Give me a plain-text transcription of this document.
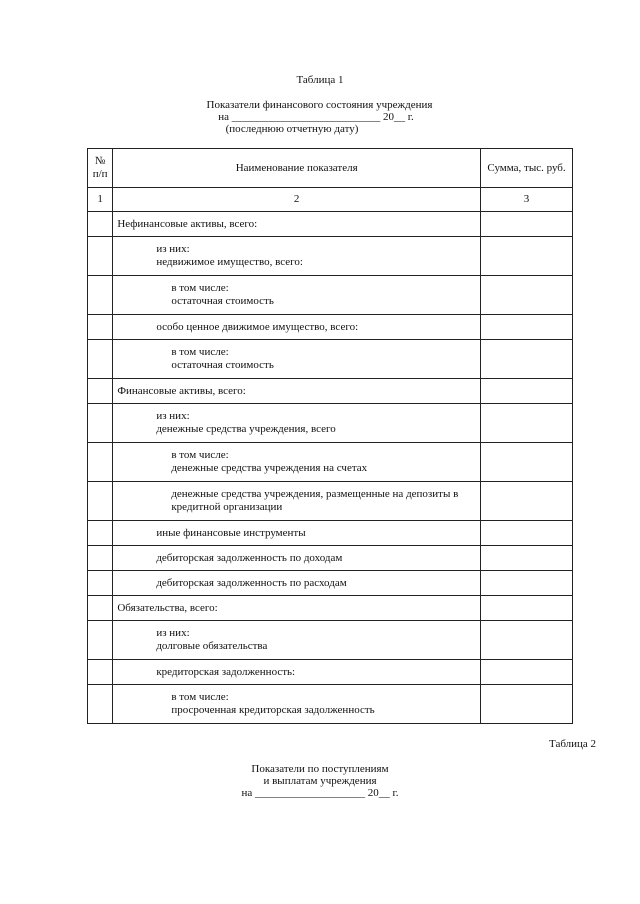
Таблица 1
Показатели финансового состояния учреждения
на ___________________________ 20__ г.
(последнюю отчетную дату)
№
п/п	Наименование показателя	Сумма, тыс. руб.
1	2	3

	Нефинансовые активы, всего:	

	из них:
недвижимое имущество, всего:	

	в том числе:
остаточная стоимость	

	особо ценное движимое имущество, всего:	

	в том числе:
остаточная стоимость	

	Финансовые активы, всего:	

	из них:
денежные средства учреждения, всего	

	в том числе:
денежные средства учреждения на счетах	

	денежные средства учреждения, размещенные на депозиты в
кредитной организации	

	иные финансовые инструменты	

	дебиторская задолженность по доходам	

	дебиторская задолженность по расходам	

	Обязательства, всего:	

	из них:
долговые обязательства	

	кредиторская задолженность:	

	в том числе:
просроченная кредиторская задолженность	

Таблица 2
Показатели по поступлениям
и выплатам учреждения
на ____________________ 20__ г.
